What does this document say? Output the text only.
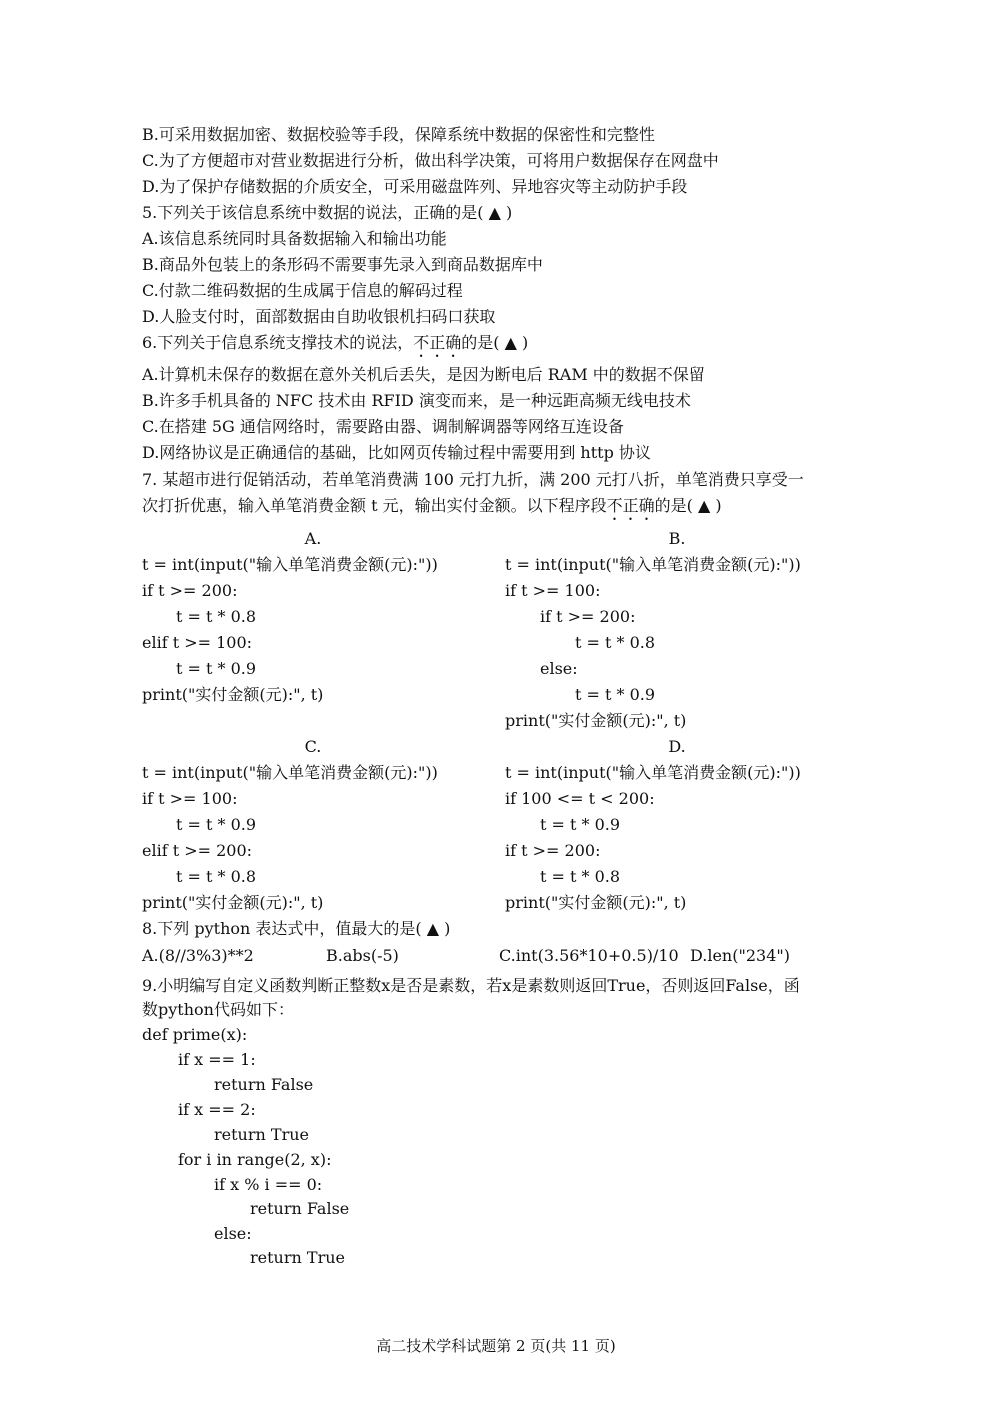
B.可采用数据加密、数据校验等手段，保障系统中数据的保密性和完整性
C.为了方便超市对营业数据进行分析，做出科学决策，可将用户数据保存在网盘中
D.为了保护存储数据的介质安全，可采用磁盘阵列、异地容灾等主动防护手段
5.下列关于该信息系统中数据的说法，正确的是( ▲ )
A.该信息系统同时具备数据输入和输出功能
B.商品外包装上的条形码不需要事先录入到商品数据库中
C.付款二维码数据的生成属于信息的解码过程
D.人脸支付时，面部数据由自助收银机扫码口获取
6.下列关于信息系统支撑技术的说法，不正确的是( ▲ )
A.计算机未保存的数据在意外关机后丢失，是因为断电后 RAM 中的数据不保留
B.许多手机具备的 NFC 技术由 RFID 演变而来，是一种远距高频无线电技术
C.在搭建 5G 通信网络时，需要路由器、调制解调器等网络互连设备
D.网络协议是正确通信的基础，比如网页传输过程中需要用到 http 协议
7. 某超市进行促销活动，若单笔消费满 100 元打九折，满 200 元打八折，单笔消费只享受一
次打折优惠，输入单笔消费金额 t 元，输出实付金额。以下程序段不正确的是( ▲ )
A.
t = int(input("输入单笔消费金额(元):"))
if t >= 200:
t = t * 0.8
elif t >= 100:
t = t * 0.9
print("实付金额(元):", t)
B.
t = int(input("输入单笔消费金额(元):"))
if t >= 100:
if t >= 200:
t = t * 0.8
else:
t = t * 0.9
print("实付金额(元):", t)
C.
t = int(input("输入单笔消费金额(元):"))
if t >= 100:
t = t * 0.9
elif t >= 200:
t = t * 0.8
print("实付金额(元):", t)
D.
t = int(input("输入单笔消费金额(元):"))
if 100 <= t < 200:
t = t * 0.9
if t >= 200:
t = t * 0.8
print("实付金额(元):", t)
8.下列 python 表达式中，值最大的是( ▲ )
A.(8//3%3)**2	B.abs(-5)	C.int(3.56*10+0.5)/10 D.len("234")
9.小明编写自定义函数判断正整数x是否是素数，若x是素数则返回True，否则返回False，函
数python代码如下：
def prime(x):
if x == 1:
return False
if x == 2:
return True
for i in range(2, x):
if x % i == 0:
return False
else:
return True
高二技术学科试题第 2 页(共 11 页)
